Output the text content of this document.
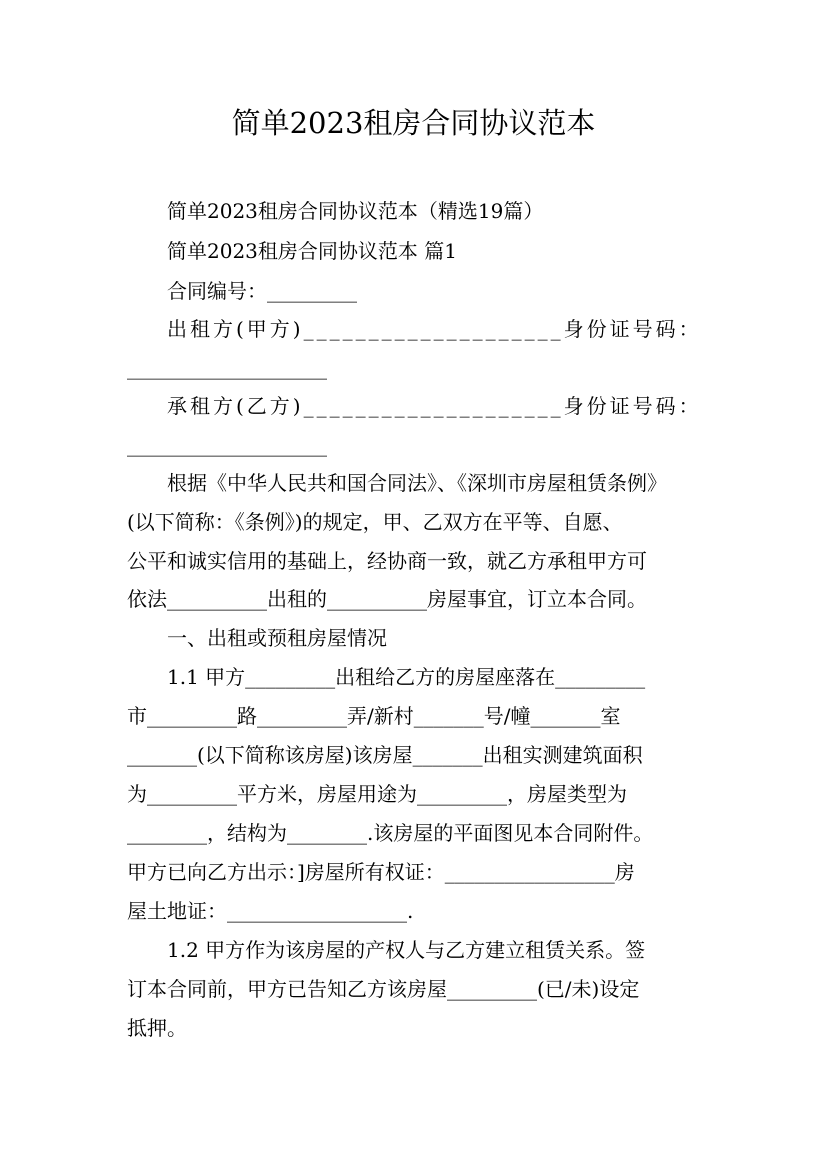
简单2023租房合同协议范本
简单2023租房合同协议范本（精选19篇）
简单2023租房合同协议范本 篇1
合同编号：_________
出租方(甲方)____________________身份证号码：
____________________
承租方(乙方)____________________身份证号码：
____________________
根据《中华人民共和国合同法》、《深圳市房屋租赁条例》
(以下简称：《条例》)的规定，甲、乙双方在平等、自愿、
公平和诚实信用的基础上，经协商一致，就乙方承租甲方可
依法__________出租的__________房屋事宜，订立本合同。
一、出租或预租房屋情况
1.1 甲方_________出租给乙方的房屋座落在_________
市_________路_________弄/新村_______号/幢_______室
_______(以下简称该房屋)该房屋_______出租实测建筑面积
为_________平方米，房屋用途为_________，房屋类型为
________，结构为________.该房屋的平面图见本合同附件。
甲方已向乙方出示：]房屋所有权证：_________________房
屋土地证：__________________.
1.2 甲方作为该房屋的产权人与乙方建立租赁关系。签
订本合同前，甲方已告知乙方该房屋_________(已/未)设定
抵押。
